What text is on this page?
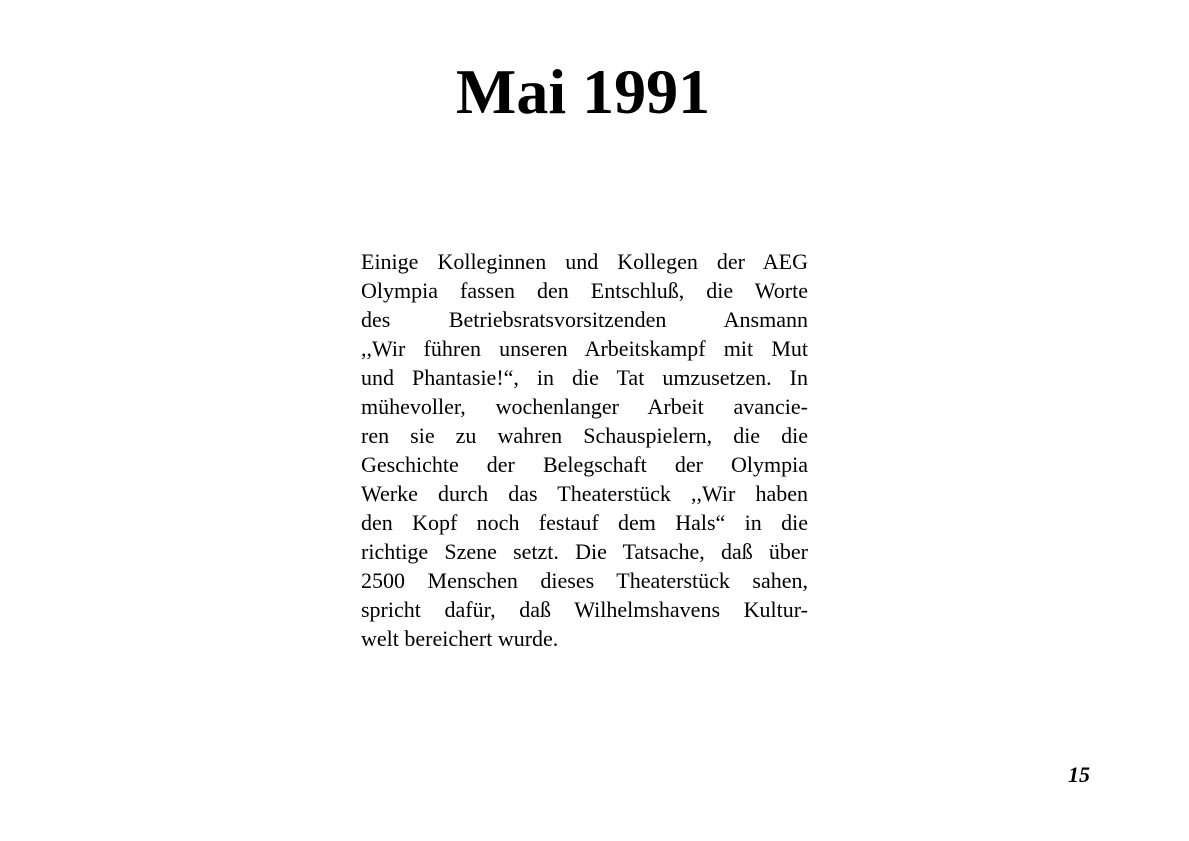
Mai 1991
Einige Kolleginnen und Kollegen der AEG
Olympia fassen den Entschluß, die Worte
des Betriebsratsvorsitzenden Ansmann
,,Wir führen unseren Arbeitskampf mit Mut
und Phantasie!“, in die Tat umzusetzen. In
mühevoller, wochenlanger Arbeit avancie-
ren sie zu wahren Schauspielern, die die
Geschichte der Belegschaft der Olympia
Werke durch das Theaterstück ,,Wir haben
den Kopf noch festauf dem Hals“ in die
richtige Szene setzt. Die Tatsache, daß über
2500 Menschen dieses Theaterstück sahen,
spricht dafür, daß Wilhelmshavens Kultur-
welt bereichert wurde.
15
